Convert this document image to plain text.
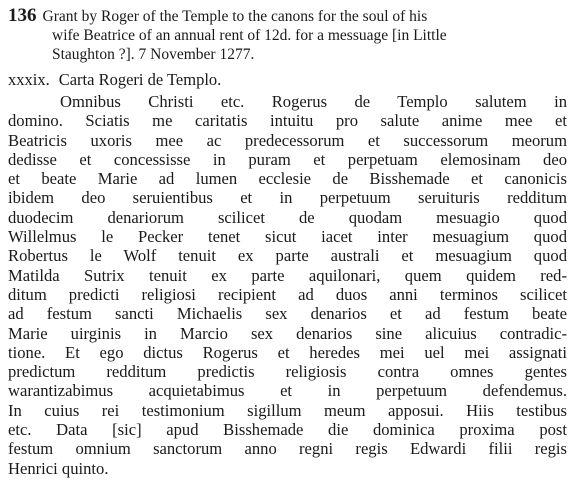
136 Grant by Roger of the Temple to the canons for the soul of his
wife Beatrice of an annual rent of 12d. for a messuage [in Little
Staughton ?]. 7 November 1277.

xxxix. Carta Rogeri de Templo.

Omnibus Christi etc. Rogerus de Templo salutem in
domino. Sciatis me caritatis intuitu pro salute anime mee et
Beatricis uxoris mee ac predecessorum et successorum meorum
dedisse et concessisse in puram et perpetuam elemosinam deo
et beate Marie ad lumen ecclesie de Bisshemade et canonicis
ibidem deo seruientibus et in perpetuum seruituris redditum
duodecim denariorum scilicet de quodam mesuagio quod
Willelmus le Pecker tenet sicut iacet inter mesuagium quod
Robertus le Wolf tenuit ex parte australi et mesuagium quod
Matilda Sutrix tenuit ex parte aquilonari, quem quidem red-
ditum predicti religiosi recipient ad duos anni terminos scilicet
ad festum sancti Michaelis sex denarios et ad festum beate
Marie uirginis in Marcio sex denarios sine alicuius contradic-
tione. Et ego dictus Rogerus et heredes mei uel mei assignati
predictum redditum predictis religiosis contra omnes gentes
warantizabimus acquietabimus et in perpetuum defendemus.
In cuius rei testimonium sigillum meum apposui. Hiis testibus
etc. Data [sic] apud Bisshemade die dominica proxima post
festum omnium sanctorum anno regni regis Edwardi filii regis
Henrici quinto.
